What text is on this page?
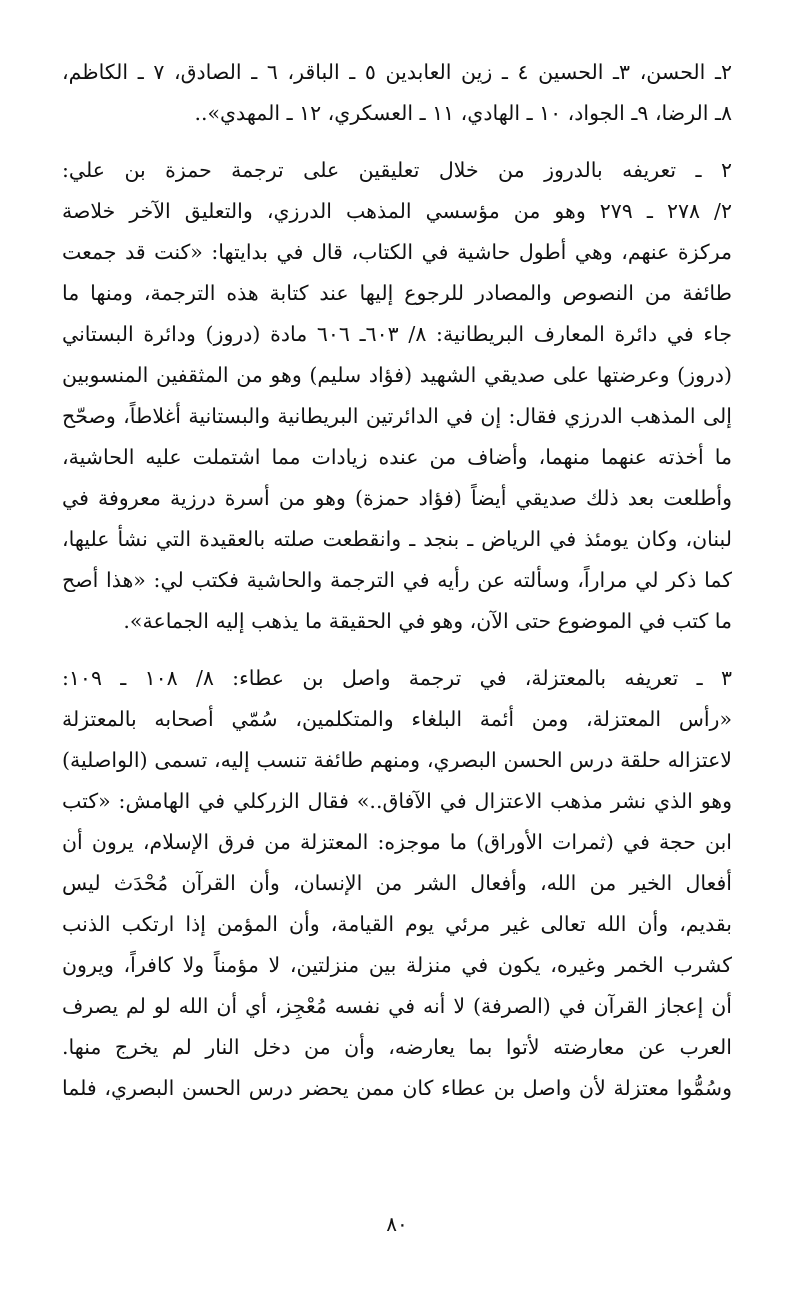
٢ـ الحسن، ٣ـ الحسين ٤ ـ زين العابدين ٥ ـ الباقر، ٦ ـ الصادق، ٧ ـ الكاظم،
٨ـ الرضا، ٩ـ الجواد، ١٠ ـ الهادي، ١١ ـ العسكري، ١٢ ـ المهدي»..
٢ ـ تعريفه بالدروز من خلال تعليقين على ترجمة حمزة بن علي:
٢/ ٢٧٨ ـ ٢٧٩ وهو من مؤسسي المذهب الدرزي، والتعليق الآخر خلاصة
مركزة عنهم، وهي أطول حاشية في الكتاب، قال في بدايتها: «كنت قد جمعت
طائفة من النصوص والمصادر للرجوع إليها عند كتابة هذه الترجمة، ومنها ما
جاء في دائرة المعارف البريطانية: ٨/ ٦٠٣ـ ٦٠٦ مادة (دروز) ودائرة البستاني
(دروز) وعرضتها على صديقي الشهيد (فؤاد سليم) وهو من المثقفين المنسوبين
إلى المذهب الدرزي فقال: إن في الدائرتين البريطانية والبستانية أغلاطاً، وصحّح
ما أخذته عنهما منهما، وأضاف من عنده زيادات مما اشتملت عليه الحاشية،
وأطلعت بعد ذلك صديقي أيضاً (فؤاد حمزة) وهو من أسرة درزية معروفة في
لبنان، وكان يومئذ في الرياض ـ بنجد ـ وانقطعت صلته بالعقيدة التي نشأ عليها،
كما ذكر لي مراراً، وسألته عن رأيه في الترجمة والحاشية فكتب لي: «هذا أصح
ما كتب في الموضوع حتى الآن، وهو في الحقيقة ما يذهب إليه الجماعة».
٣ ـ تعريفه بالمعتزلة، في ترجمة واصل بن عطاء: ٨/ ١٠٨ ـ ١٠٩:
«رأس المعتزلة، ومن أئمة البلغاء والمتكلمين، سُمّي أصحابه بالمعتزلة
لاعتزاله حلقة درس الحسن البصري، ومنهم طائفة تنسب إليه، تسمى (الواصلية)
وهو الذي نشر مذهب الاعتزال في الآفاق..» فقال الزركلي في الهامش: «كتب
ابن حجة في (ثمرات الأوراق) ما موجزه: المعتزلة من فرق الإسلام، يرون أن
أفعال الخير من الله، وأفعال الشر من الإنسان، وأن القرآن مُحْدَث ليس
بقديم، وأن الله تعالى غير مرئي يوم القيامة، وأن المؤمن إذا ارتكب الذنب
كشرب الخمر وغيره، يكون في منزلة بين منزلتين، لا مؤمناً ولا كافراً، ويرون
أن إعجاز القرآن في (الصرفة) لا أنه في نفسه مُعْجِز، أي أن الله لو لم يصرف
العرب عن معارضته لأتوا بما يعارضه، وأن من دخل النار لم يخرج منها.
وسُمُّوا معتزلة لأن واصل بن عطاء كان ممن يحضر درس الحسن البصري، فلما
٨٠
